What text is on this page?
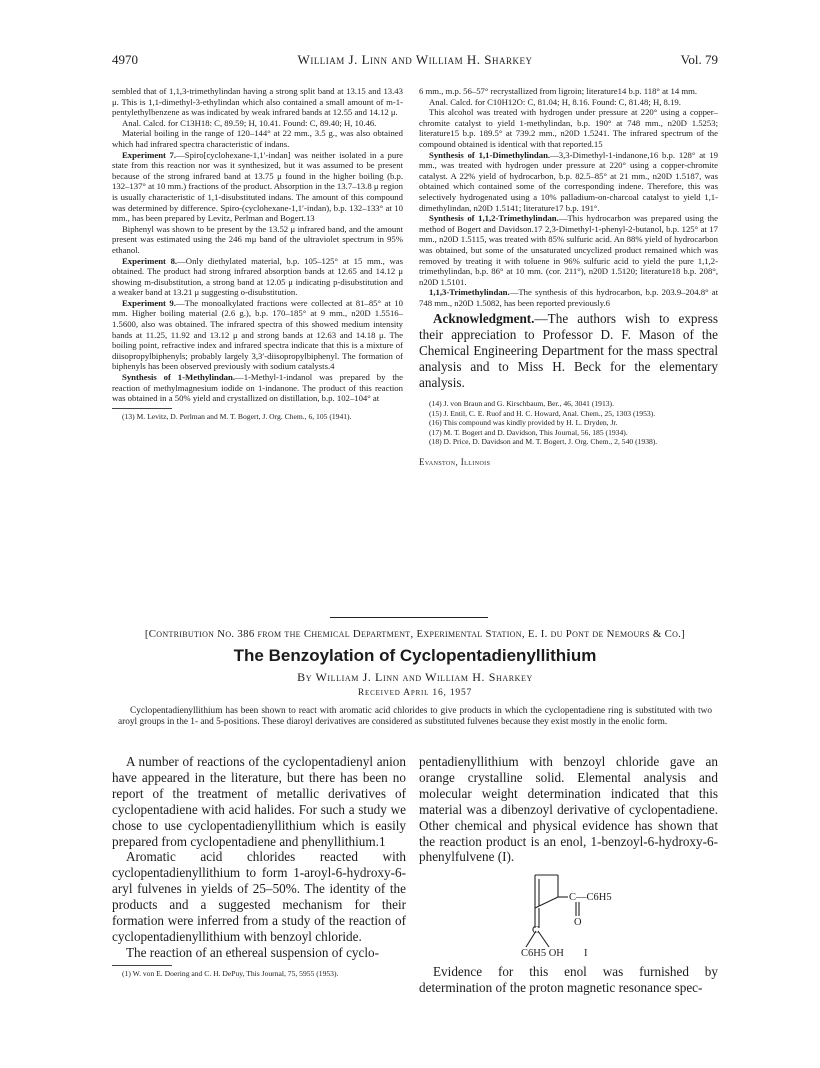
4970	William J. Linn and William H. Sharkey	Vol. 79

sembled that of 1,1,3-trimethylindan having a strong split band at 13.15 and 13.43 μ. This is 1,1-dimethyl-3-ethylindan which also contained a small amount of m-1-pentylethylbenzene as was indicated by weak infrared bands at 12.55 and 14.12 μ.

Anal. Calcd. for C13H18: C, 89.59; H, 10.41. Found: C, 89.40; H, 10.46.

Material boiling in the range of 120–144° at 22 mm., 3.5 g., was also obtained which had infrared spectra characteristic of indans.

Experiment 7.—Spiro[cyclohexane-1,1′-indan] was neither isolated in a pure state from this reaction nor was it synthesized, but it was assumed to be present because of the strong infrared band at 13.75 μ found in the higher boiling (b.p. 132–137° at 10 mm.) fractions of the product. Absorption in the 13.7–13.8 μ region is usually characteristic of 1,1-disubstituted indans. The amount of this compound was determined by difference. Spiro-(cyclohexane-1,1′-indan), b.p. 132–133° at 10 mm., has been prepared by Levitz, Perlman and Bogert.13

Biphenyl was shown to be present by the 13.52 μ infrared band, and the amount present was estimated using the 246 mμ band of the ultraviolet spectrum in 95% ethanol.

Experiment 8.—Only diethylated material, b.p. 105–125° at 15 mm., was obtained. The product had strong infrared absorption bands at 12.65 and 14.12 μ showing m-disubstitution, a strong band at 12.05 μ indicating p-disubstitution and a weaker band at 13.21 μ suggesting o-disubstitution.

Experiment 9.—The monoalkylated fractions were collected at 81–85° at 10 mm. Higher boiling material (2.6 g.), b.p. 170–185° at 9 mm., n20D 1.5516–1.5600, also was obtained. The infrared spectra of this showed medium intensity bands at 11.25, 11.92 and 13.12 μ and strong bands at 12.63 and 14.18 μ. The boiling point, refractive index and infrared spectra indicate that this is a mixture of diisopropylbiphenyls; probably largely 3,3′-diisopropylbiphenyl. The formation of biphenyls has been observed previously with sodium catalysts.4

Synthesis of 1-Methylindan.—1-Methyl-1-indanol was prepared by the reaction of methylmagnesium iodide on 1-indanone. The product of this reaction was obtained in a 50% yield and crystallized on distillation, b.p. 102–104° at

(13) M. Levitz, D. Perlman and M. T. Bogert, J. Org. Chem., 6, 105 (1941).

6 mm., m.p. 56–57° recrystallized from ligroin; literature14 b.p. 118° at 14 mm.

Anal. Calcd. for C10H12O: C, 81.04; H, 8.16. Found: C, 81.48; H, 8.19.

This alcohol was treated with hydrogen under pressure at 220° using a copper–chromite catalyst to yield 1-methylindan, b.p. 190° at 748 mm., n20D 1.5253; literature15 b.p. 189.5° at 739.2 mm., n20D 1.5241. The infrared spectrum of the compound obtained is identical with that reported.15

Synthesis of 1,1-Dimethylindan.—3,3-Dimethyl-1-indanone,16 b.p. 128° at 19 mm., was treated with hydrogen under pressure at 220° using a copper-chromite catalyst. A 22% yield of hydrocarbon, b.p. 82.5–85° at 21 mm., n20D 1.5187, was obtained which contained some of the corresponding indene. Therefore, this was selectively hydrogenated using a 10% palladium-on-charcoal catalyst to yield 1,1-dimethylindan, n20D 1.5141; literature17 b.p. 191°.

Synthesis of 1,1,2-Trimethylindan.—This hydrocarbon was prepared using the method of Bogert and Davidson.17 2,3-Dimethyl-1-phenyl-2-butanol, b.p. 125° at 17 mm., n20D 1.5115, was treated with 85% sulfuric acid. An 88% yield of hydrocarbon was obtained, but some of the unsaturated uncyclized product remained which was removed by treating it with toluene in 96% sulfuric acid to yield the pure 1,1,2-trimethylindan, b.p. 86° at 10 mm. (cor. 211°), n20D 1.5120; literature18 b.p. 208°, n20D 1.5101.

1,1,3-Trimethylindan.—The synthesis of this hydrocarbon, b.p. 203.9–204.8° at 748 mm., n20D 1.5082, has been reported previously.6

Acknowledgment.—The authors wish to express their appreciation to Professor D. F. Mason of the Chemical Engineering Department for the mass spectral analysis and to Miss H. Beck for the elementary analysis.

(14) J. von Braun and G. Kirschbaum, Ber., 46, 3041 (1913).

(15) J. Entil, C. E. Ruof and H. C. Howard, Anal. Chem., 25, 1303 (1953).

(16) This compound was kindly provided by H. L. Dryden, Jr.

(17) M. T. Bogert and D. Davidson, This Journal, 56, 185 (1934).

(18) D. Price, D. Davidson and M. T. Bogert, J. Org. Chem., 2, 540 (1938).

Evanston, Illinois
[Contribution No. 386 from the Chemical Department, Experimental Station, E. I. du Pont de Nemours & Co.]
The Benzoylation of Cyclopentadienyllithium
By William J. Linn and William H. Sharkey
Received April 16, 1957

Cyclopentadienyllithium has been shown to react with aromatic acid chlorides to give products in which the cyclopentadiene ring is substituted with two aroyl groups in the 1- and 5-positions. These diaroyl derivatives are considered as substituted fulvenes because they exist mostly in the enolic form.

A number of reactions of the cyclopentadienyl anion have appeared in the literature, but there has been no report of the treatment of metallic derivatives of cyclopentadiene with acid halides. For such a study we chose to use cyclopentadienyllithium which is easily prepared from cyclopentadiene and phenyllithium.1

Aromatic acid chlorides reacted with cyclopentadienyllithium to form 1-aroyl-6-hydroxy-6-aryl fulvenes in yields of 25–50%. The identity of the products and a suggested mechanism for their formation were inferred from a study of the reaction of cyclopentadienyllithium with benzoyl chloride.

The reaction of an ethereal suspension of cyclo-

(1) W. von E. Doering and C. H. DePuy, This Journal, 75, 5955 (1953).

pentadienyllithium with benzoyl chloride gave an orange crystalline solid. Elemental analysis and molecular weight determination indicated that this material was a dibenzoyl derivative of cyclopentadiene. Other chemical and physical evidence has shown that the reaction product is an enol, 1-benzoyl-6-hydroxy-6-phenylfulvene (I).

C—C6H5
O
C
C6H5 OH I

Evidence for this enol was furnished by determination of the proton magnetic resonance spec-
